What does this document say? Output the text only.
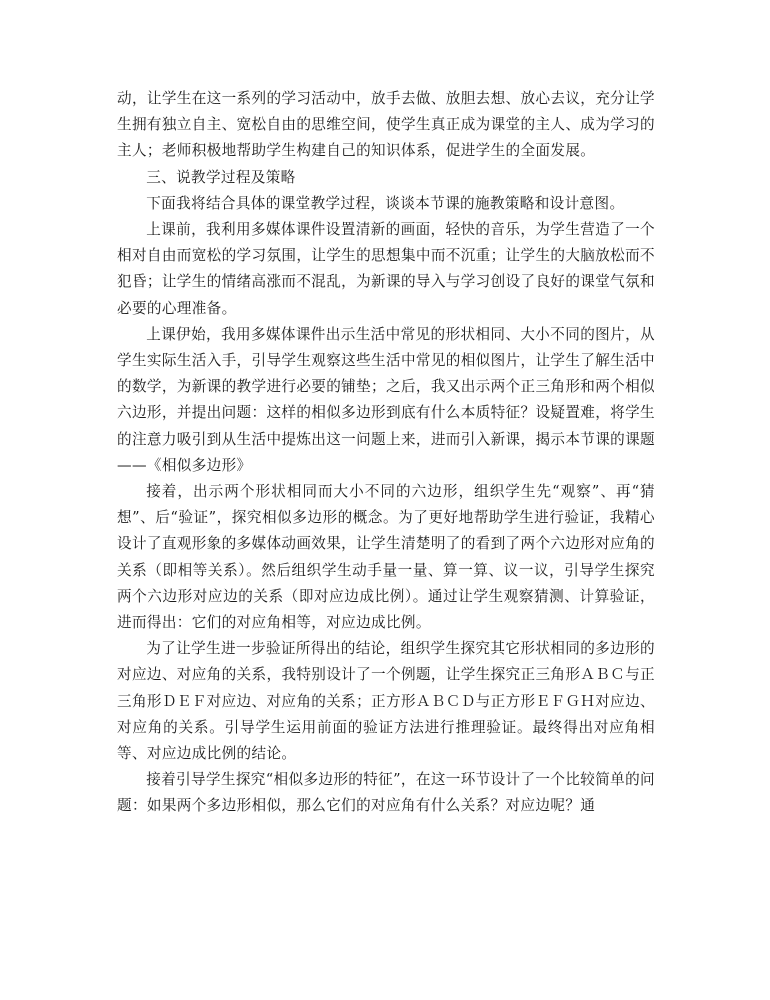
动，让学生在这一系列的学习活动中，放手去做、放胆去想、放心去议，充分让学生拥有独立自主、宽松自由的思维空间，使学生真正成为课堂的主人、成为学习的主人；老师积极地帮助学生构建自己的知识体系，促进学生的全面发展。

三、说教学过程及策略

下面我将结合具体的课堂教学过程，谈谈本节课的施教策略和设计意图。

上课前，我利用多媒体课件设置清新的画面，轻快的音乐，为学生营造了一个相对自由而宽松的学习氛围，让学生的思想集中而不沉重；让学生的大脑放松而不犯昏；让学生的情绪高涨而不混乱，为新课的导入与学习创设了良好的课堂气氛和必要的心理准备。

上课伊始，我用多媒体课件出示生活中常见的形状相同、大小不同的图片，从学生实际生活入手，引导学生观察这些生活中常见的相似图片，让学生了解生活中的数学，为新课的教学进行必要的铺垫；之后，我又出示两个正三角形和两个相似六边形，并提出问题：这样的相似多边形到底有什么本质特征？设疑置难，将学生的注意力吸引到从生活中提炼出这一问题上来，进而引入新课，揭示本节课的课题——《相似多边形》

接着，出示两个形状相同而大小不同的六边形，组织学生先“观察”、再“猜想”、后“验证”，探究相似多边形的概念。为了更好地帮助学生进行验证，我精心设计了直观形象的多媒体动画效果，让学生清楚明了的看到了两个六边形对应角的关系（即相等关系）。然后组织学生动手量一量、算一算、议一议，引导学生探究两个六边形对应边的关系（即对应边成比例）。通过让学生观察猜测、计算验证，进而得出：它们的对应角相等，对应边成比例。

为了让学生进一步验证所得出的结论，组织学生探究其它形状相同的多边形的对应边、对应角的关系，我特别设计了一个例题，让学生探究正三角形ＡＢＣ与正三角形ＤＥＦ对应边、对应角的关系；正方形ＡＢＣＤ与正方形ＥＦＧＨ对应边、对应角的关系。引导学生运用前面的验证方法进行推理验证。最终得出对应角相等、对应边成比例的结论。

接着引导学生探究“相似多边形的特征”，在这一环节设计了一个比较简单的问题：如果两个多边形相似，那么它们的对应角有什么关系？对应边呢？通
